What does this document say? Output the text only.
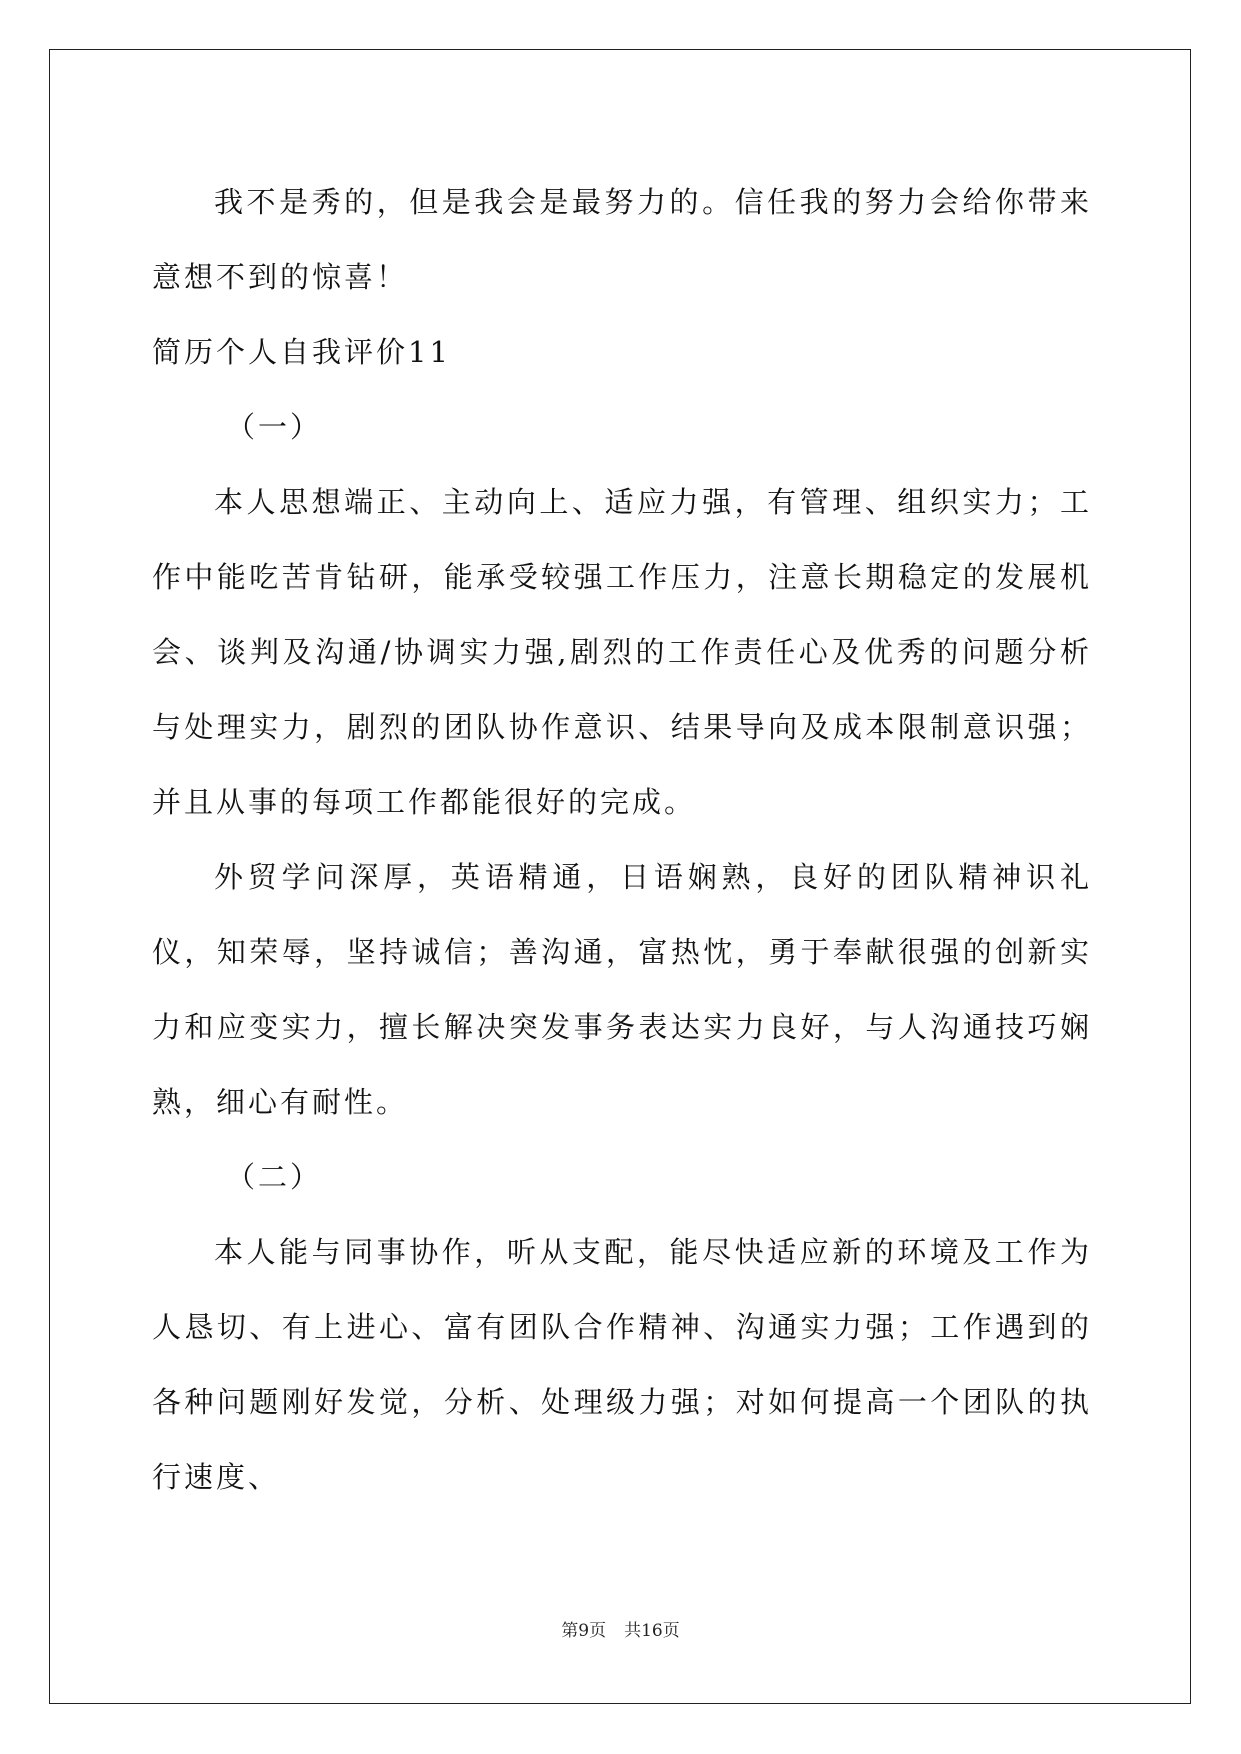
我不是秀的，但是我会是最努力的。信任我的努力会给你带来意想不到的惊喜！

简历个人自我评价11

（一）

本人思想端正、主动向上、适应力强，有管理、组织实力；工作中能吃苦肯钻研，能承受较强工作压力，注意长期稳定的发展机会、谈判及沟通/协调实力强,剧烈的工作责任心及优秀的问题分析与处理实力，剧烈的团队协作意识、结果导向及成本限制意识强；并且从事的每项工作都能很好的完成。

外贸学问深厚，英语精通，日语娴熟，良好的团队精神识礼仪，知荣辱，坚持诚信；善沟通，富热忱，勇于奉献很强的创新实力和应变实力，擅长解决突发事务表达实力良好，与人沟通技巧娴熟，细心有耐性。

（二）

本人能与同事协作，听从支配，能尽快适应新的环境及工作为人恳切、有上进心、富有团队合作精神、沟通实力强；工作遇到的各种问题刚好发觉，分析、处理级力强；对如何提高一个团队的执行速度、

第9页 共16页
